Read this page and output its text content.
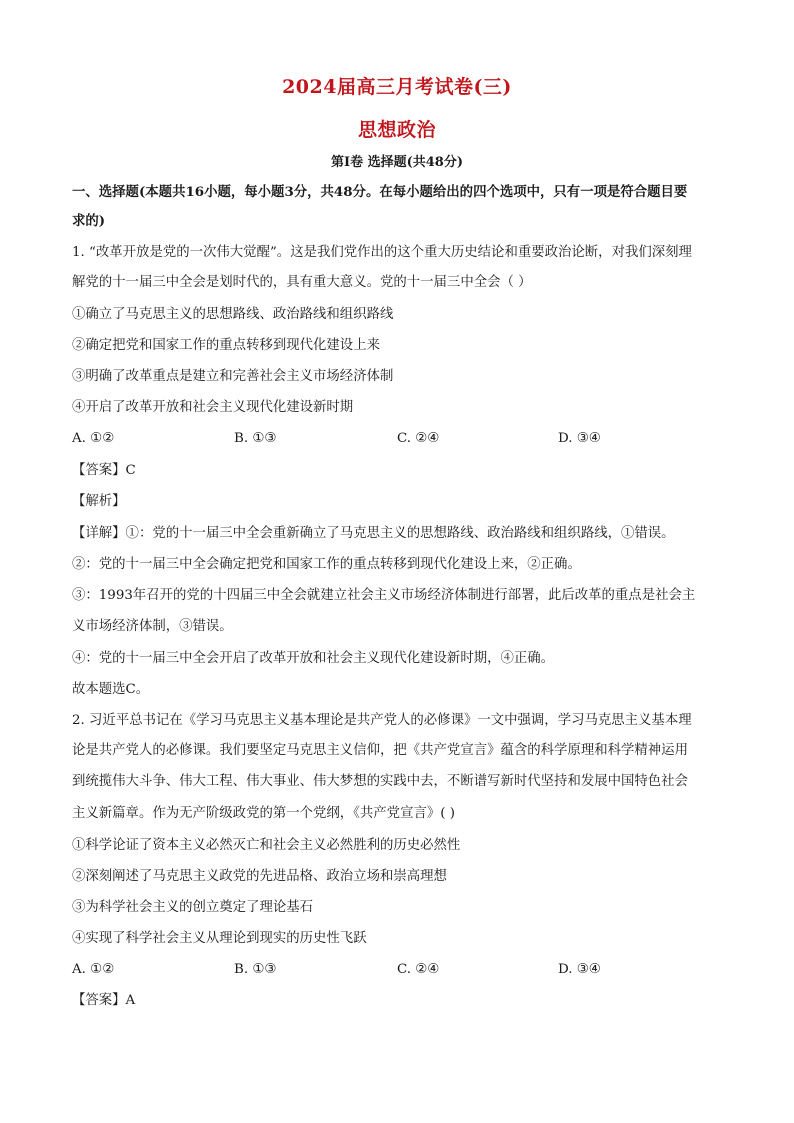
2024届高三月考试卷(三)
思想政治
第Ⅰ卷 选择题(共48分)
一、选择题(本题共16小题，每小题3分，共48分。在每小题给出的四个选项中，只有一项是符合题目要
求的)
1. “改革开放是党的一次伟大觉醒”。这是我们党作出的这个重大历史结论和重要政治论断，对我们深刻理
解党的十一届三中全会是划时代的，具有重大意义。党的十一届三中全会（ ）
①确立了马克思主义的思想路线、政治路线和组织路线
②确定把党和国家工作的重点转移到现代化建设上来
③明确了改革重点是建立和完善社会主义市场经济体制
④开启了改革开放和社会主义现代化建设新时期
A. ①②	B. ①③	C. ②④	D. ③④
【答案】C
【解析】
【详解】①：党的十一届三中全会重新确立了马克思主义的思想路线、政治路线和组织路线，①错误。
②：党的十一届三中全会确定把党和国家工作的重点转移到现代化建设上来，②正确。
③：1993年召开的党的十四届三中全会就建立社会主义市场经济体制进行部署，此后改革的重点是社会主
义市场经济体制，③错误。
④：党的十一届三中全会开启了改革开放和社会主义现代化建设新时期，④正确。
故本题选C。
2. 习近平总书记在《学习马克思主义基本理论是共产党人的必修课》一文中强调，学习马克思主义基本理
论是共产党人的必修课。我们要坚定马克思主义信仰，把《共产党宣言》蕴含的科学原理和科学精神运用
到统揽伟大斗争、伟大工程、伟大事业、伟大梦想的实践中去，不断谱写新时代坚持和发展中国特色社会
主义新篇章。作为无产阶级政党的第一个党纲，《共产党宣言》( )
①科学论证了资本主义必然灭亡和社会主义必然胜利的历史必然性
②深刻阐述了马克思主义政党的先进品格、政治立场和崇高理想
③为科学社会主义的创立奠定了理论基石
④实现了科学社会主义从理论到现实的历史性飞跃
A. ①②	B. ①③	C. ②④	D. ③④
【答案】A
